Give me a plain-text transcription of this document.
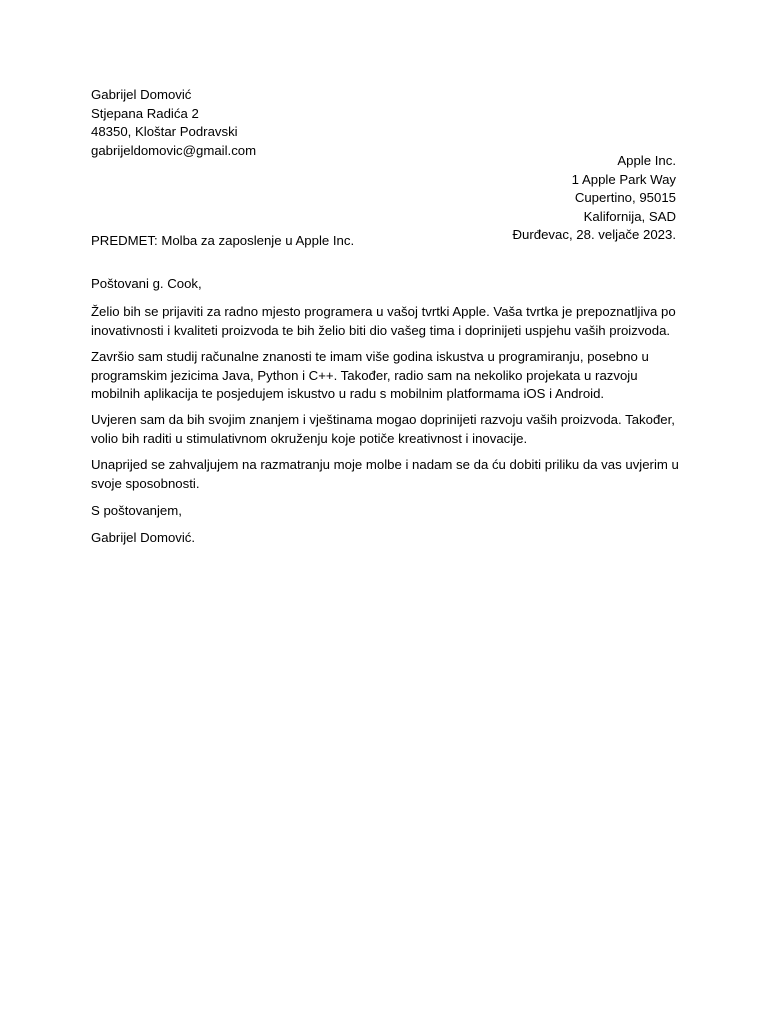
Gabrijel Domović
Stjepana Radića 2
48350, Kloštar Podravski
gabrijeldomovic@gmail.com
Apple Inc.
1 Apple Park Way
Cupertino, 95015
Kalifornija, SAD
Đurđevac, 28. veljače 2023.
PREDMET: Molba za zaposlenje u Apple Inc.
Poštovani g. Cook,
Želio bih se prijaviti za radno mjesto programera u vašoj tvrtki Apple. Vaša tvrtka je prepoznatljiva po
inovativnosti i kvaliteti proizvoda te bih želio biti dio vašeg tima i doprinijeti uspjehu vaših proizvoda.
Završio sam studij računalne znanosti te imam više godina iskustva u programiranju, posebno u
programskim jezicima Java, Python i C++. Također, radio sam na nekoliko projekata u razvoju
mobilnih aplikacija te posjedujem iskustvo u radu s mobilnim platformama iOS i Android.
Uvjeren sam da bih svojim znanjem i vještinama mogao doprinijeti razvoju vaših proizvoda. Također,
volio bih raditi u stimulativnom okruženju koje potiče kreativnost i inovacije.
Unaprijed se zahvaljujem na razmatranju moje molbe i nadam se da ću dobiti priliku da vas uvjerim u
svoje sposobnosti.
S poštovanjem,
Gabrijel Domović.
